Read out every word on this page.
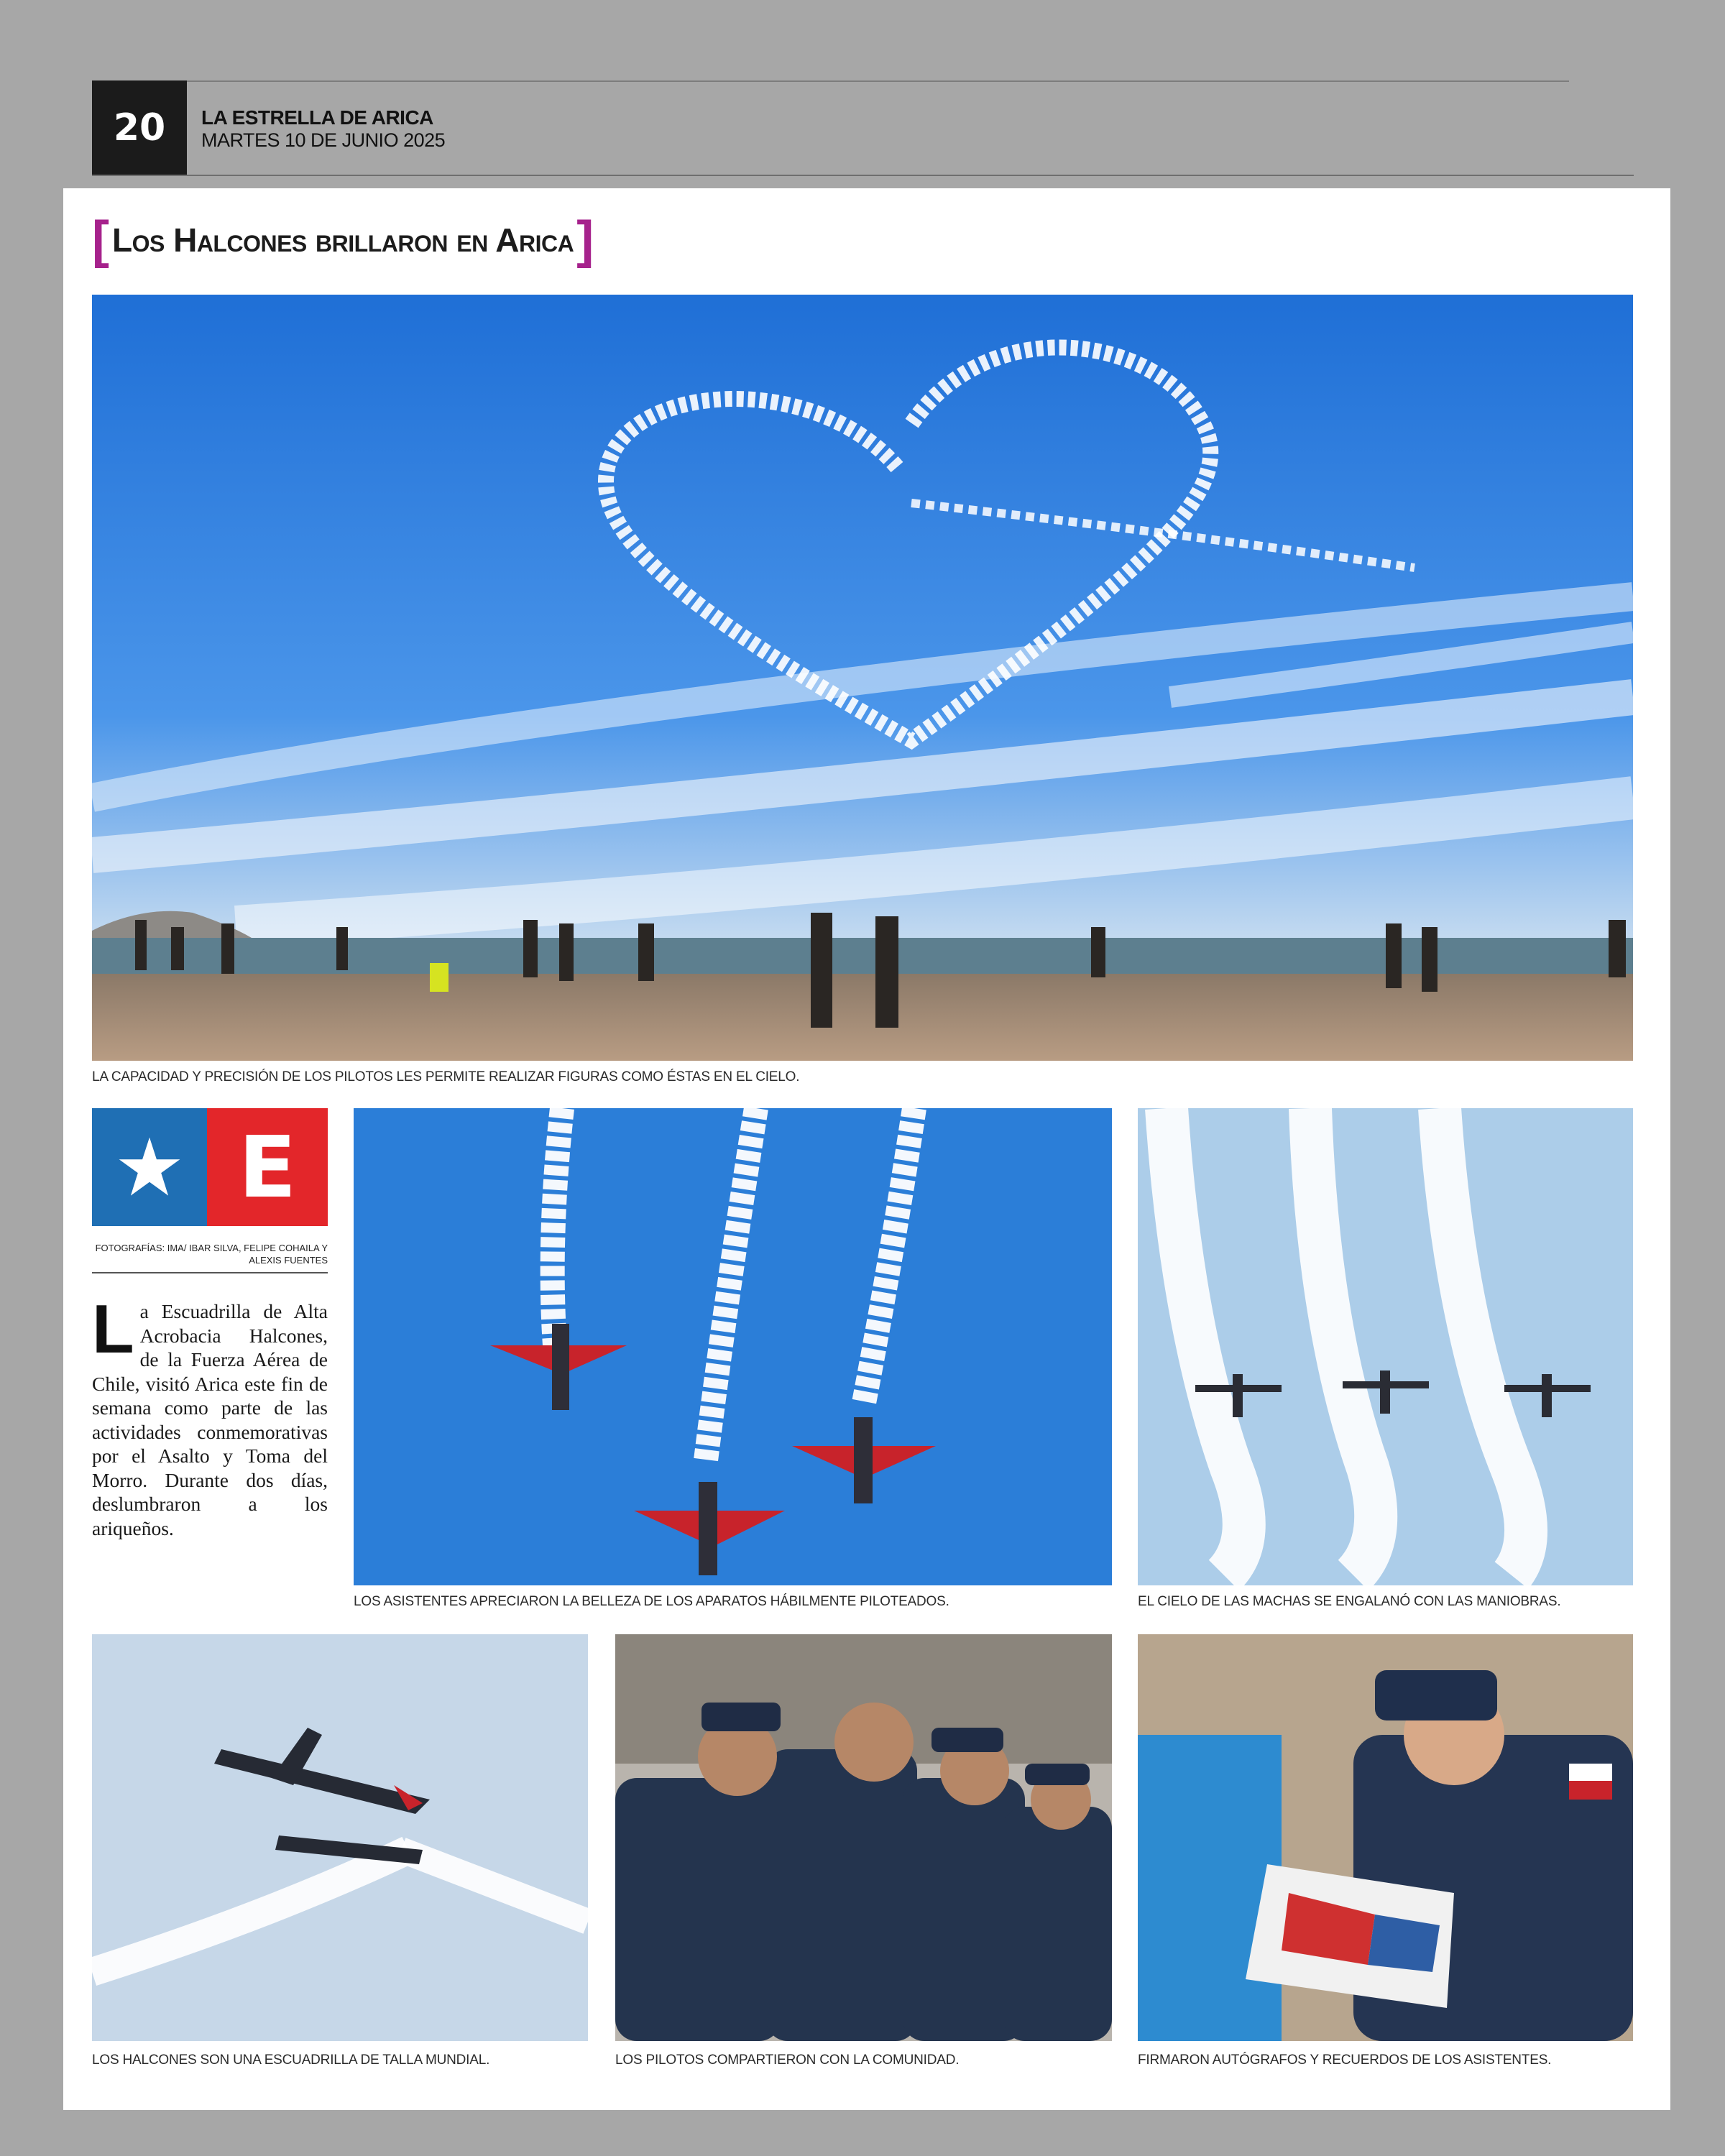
20	LA ESTRELLA DE ARICA
MARTES 10 DE JUNIO 2025
[ Los Halcones brillaron en Arica ]
LA CAPACIDAD Y PRECISIÓN DE LOS PILOTOS LES PERMITE REALIZAR FIGURAS COMO ÉSTAS EN EL CIELO.
E
FOTOGRAFÍAS: IMA/ IBAR SILVA, FELIPE COHAILA Y ALEXIS FUENTES
La Escuadrilla de Alta Acrobacia Halcones, de la Fuerza Aérea de Chile, visitó Arica este fin de semana como parte de las actividades conmemorativas por el Asalto y Toma del Morro. Durante dos días, deslumbraron a los ariqueños.
LOS ASISTENTES APRECIARON LA BELLEZA DE LOS APARATOS HÁBILMENTE PILOTEADOS.	EL CIELO DE LAS MACHAS SE ENGALANÓ CON LAS MANIOBRAS.
LOS HALCONES SON UNA ESCUADRILLA DE TALLA MUNDIAL.	LOS PILOTOS COMPARTIERON CON LA COMUNIDAD.	FIRMARON AUTÓGRAFOS Y RECUERDOS DE LOS ASISTENTES.
